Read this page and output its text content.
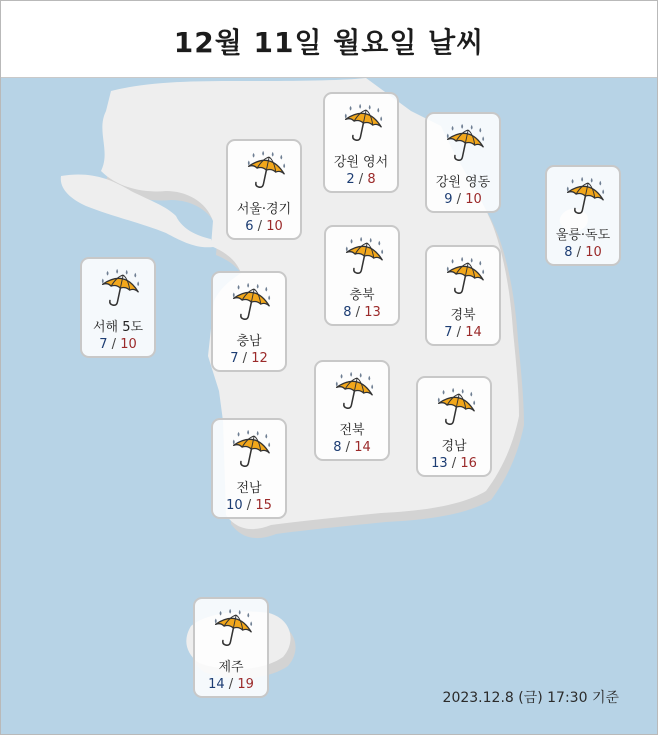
12월 11일 월요일 날씨
서울·경기
6 / 10
강원 영서
2 / 8	강원 영동
9 / 10
울릉·독도
8 / 10
서해 5도
7 / 10	충남
7 / 12
충북
8 / 13	경북
7 / 14
전북
8 / 14	경남
13 / 16
전남
10 / 15
제주
14 / 19
2023.12.8 (금) 17:30 기준
